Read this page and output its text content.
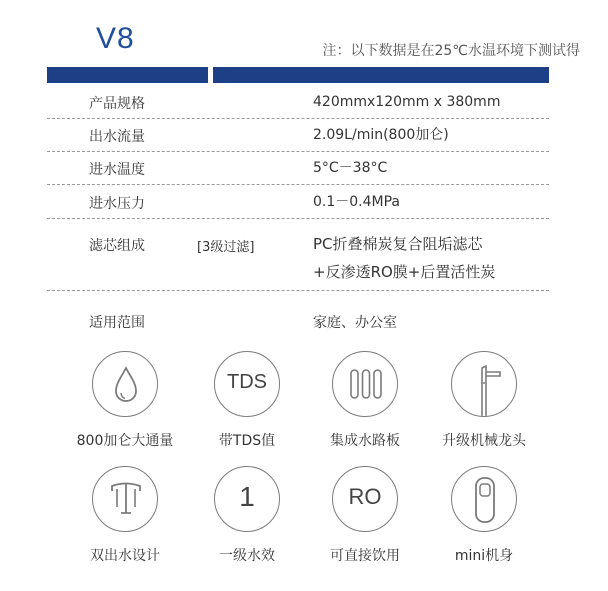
V8	注：以下数据是在25℃水温环境下测试得
产品规格	420mmx120mm x 380mm
出水流量	2.09L/min(800加仑)
进水温度	5°C－38°C
进水压力	0.1－0.4MPa
滤芯组成	[3级过滤]	PC折叠棉炭复合阻垢滤芯
+反渗透RO膜+后置活性炭
适用范围	家庭、办公室
800加仑大通量
TDS
带TDS值	集成水路板	升级机械龙头
双出水设计
1
一级水效
RO
可直接饮用	mini机身
